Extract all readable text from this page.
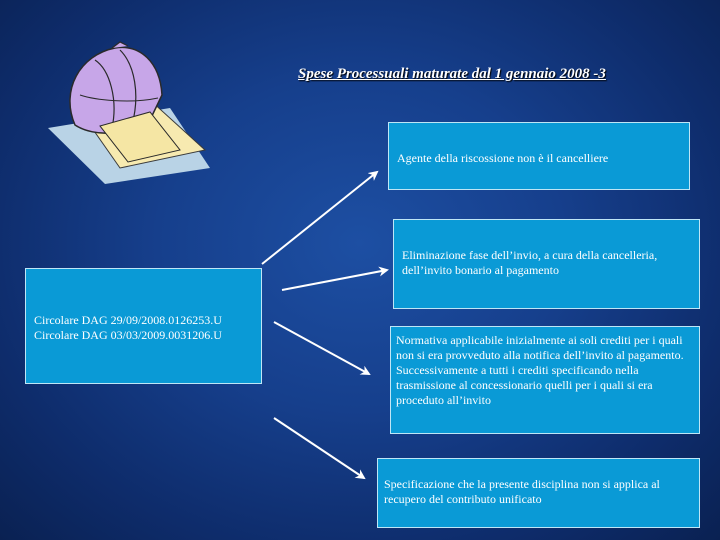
Spese Processuali maturate dal 1 gennaio 2008 -3
Circolare DAG 29/09/2008.0126253.U
Circolare DAG 03/03/2009.0031206.U
Agente della riscossione non è il cancelliere
Eliminazione fase dell’invio, a cura della cancelleria, dell’invito bonario al pagamento
Normativa applicabile inizialmente ai soli crediti per i quali non si era provveduto alla notifica dell’invito al pagamento.
Successivamente a tutti i crediti specificando nella trasmissione al concessionario quelli per i quali si era proceduto all’invito
Specificazione che la presente disciplina non si applica al recupero del contributo unificato
